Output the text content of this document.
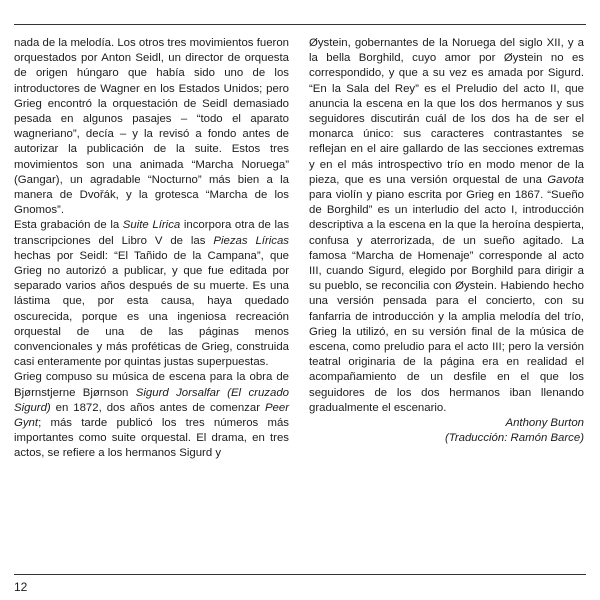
nada de la melodía. Los otros tres movimientos fueron orquestados por Anton Seidl, un director de orquesta de origen húngaro que había sido uno de los introductores de Wagner en los Estados Unidos; pero Grieg encontró la orquestación de Seidl demasiado pesada en algunos pasajes – “todo el aparato wagneriano”, decía – y la revisó a fondo antes de autorizar la publicación de la suite. Estos tres movimientos son una animada “Marcha Noruega” (Gangar), un agradable “Nocturno” más bien a la manera de Dvořák, y la grotesca “Marcha de los Gnomos”.

Esta grabación de la Suite Lírica incorpora otra de las transcripciones del Libro V de las Piezas Líricas hechas por Seidl: “El Tañido de la Campana”, que Grieg no autorizó a publicar, y que fue editada por separado varios años después de su muerte. Es una lástima que, por esta causa, haya quedado oscurecida, porque es una ingeniosa recreación orquestal de una de las páginas menos convencionales y más proféticas de Grieg, construida casi enteramente por quintas justas superpuestas.

Grieg compuso su música de escena para la obra de Bjørnstjerne Bjørnson Sigurd Jorsalfar (El cruzado Sigurd) en 1872, dos años antes de comenzar Peer Gynt; más tarde publicó los tres números más importantes como suite orquestal. El drama, en tres actos, se refiere a los hermanos Sigurd y

Øystein, gobernantes de la Noruega del siglo XII, y a la bella Borghild, cuyo amor por Øystein no es correspondido, y que a su vez es amada por Sigurd. “En la Sala del Rey” es el Preludio del acto II, que anuncia la escena en la que los dos hermanos y sus seguidores discutirán cuál de los dos ha de ser el monarca único: sus caracteres contrastantes se reflejan en el aire gallardo de las secciones extremas y en el más introspectivo trío en modo menor de la pieza, que es una versión orquestal de una Gavota para violín y piano escrita por Grieg en 1867. “Sueño de Borghild” es un interludio del acto I, introducción descriptiva a la escena en la que la heroína despierta, confusa y aterrorizada, de un sueño agitado. La famosa “Marcha de Homenaje” corresponde al acto III, cuando Sigurd, elegido por Borghild para dirigir a su pueblo, se reconcilia con Øystein. Habiendo hecho una versión pensada para el concierto, con su fanfarria de introducción y la amplia melodía del trío, Grieg la utilizó, en su versión final de la música de escena, como preludio para el acto III; pero la versión teatral originaria de la página era en realidad el acompañamiento de un desfile en el que los seguidores de los dos hermanos iban llenando gradualmente el escenario.

Anthony Burton

(Traducción: Ramón Barce)

12
